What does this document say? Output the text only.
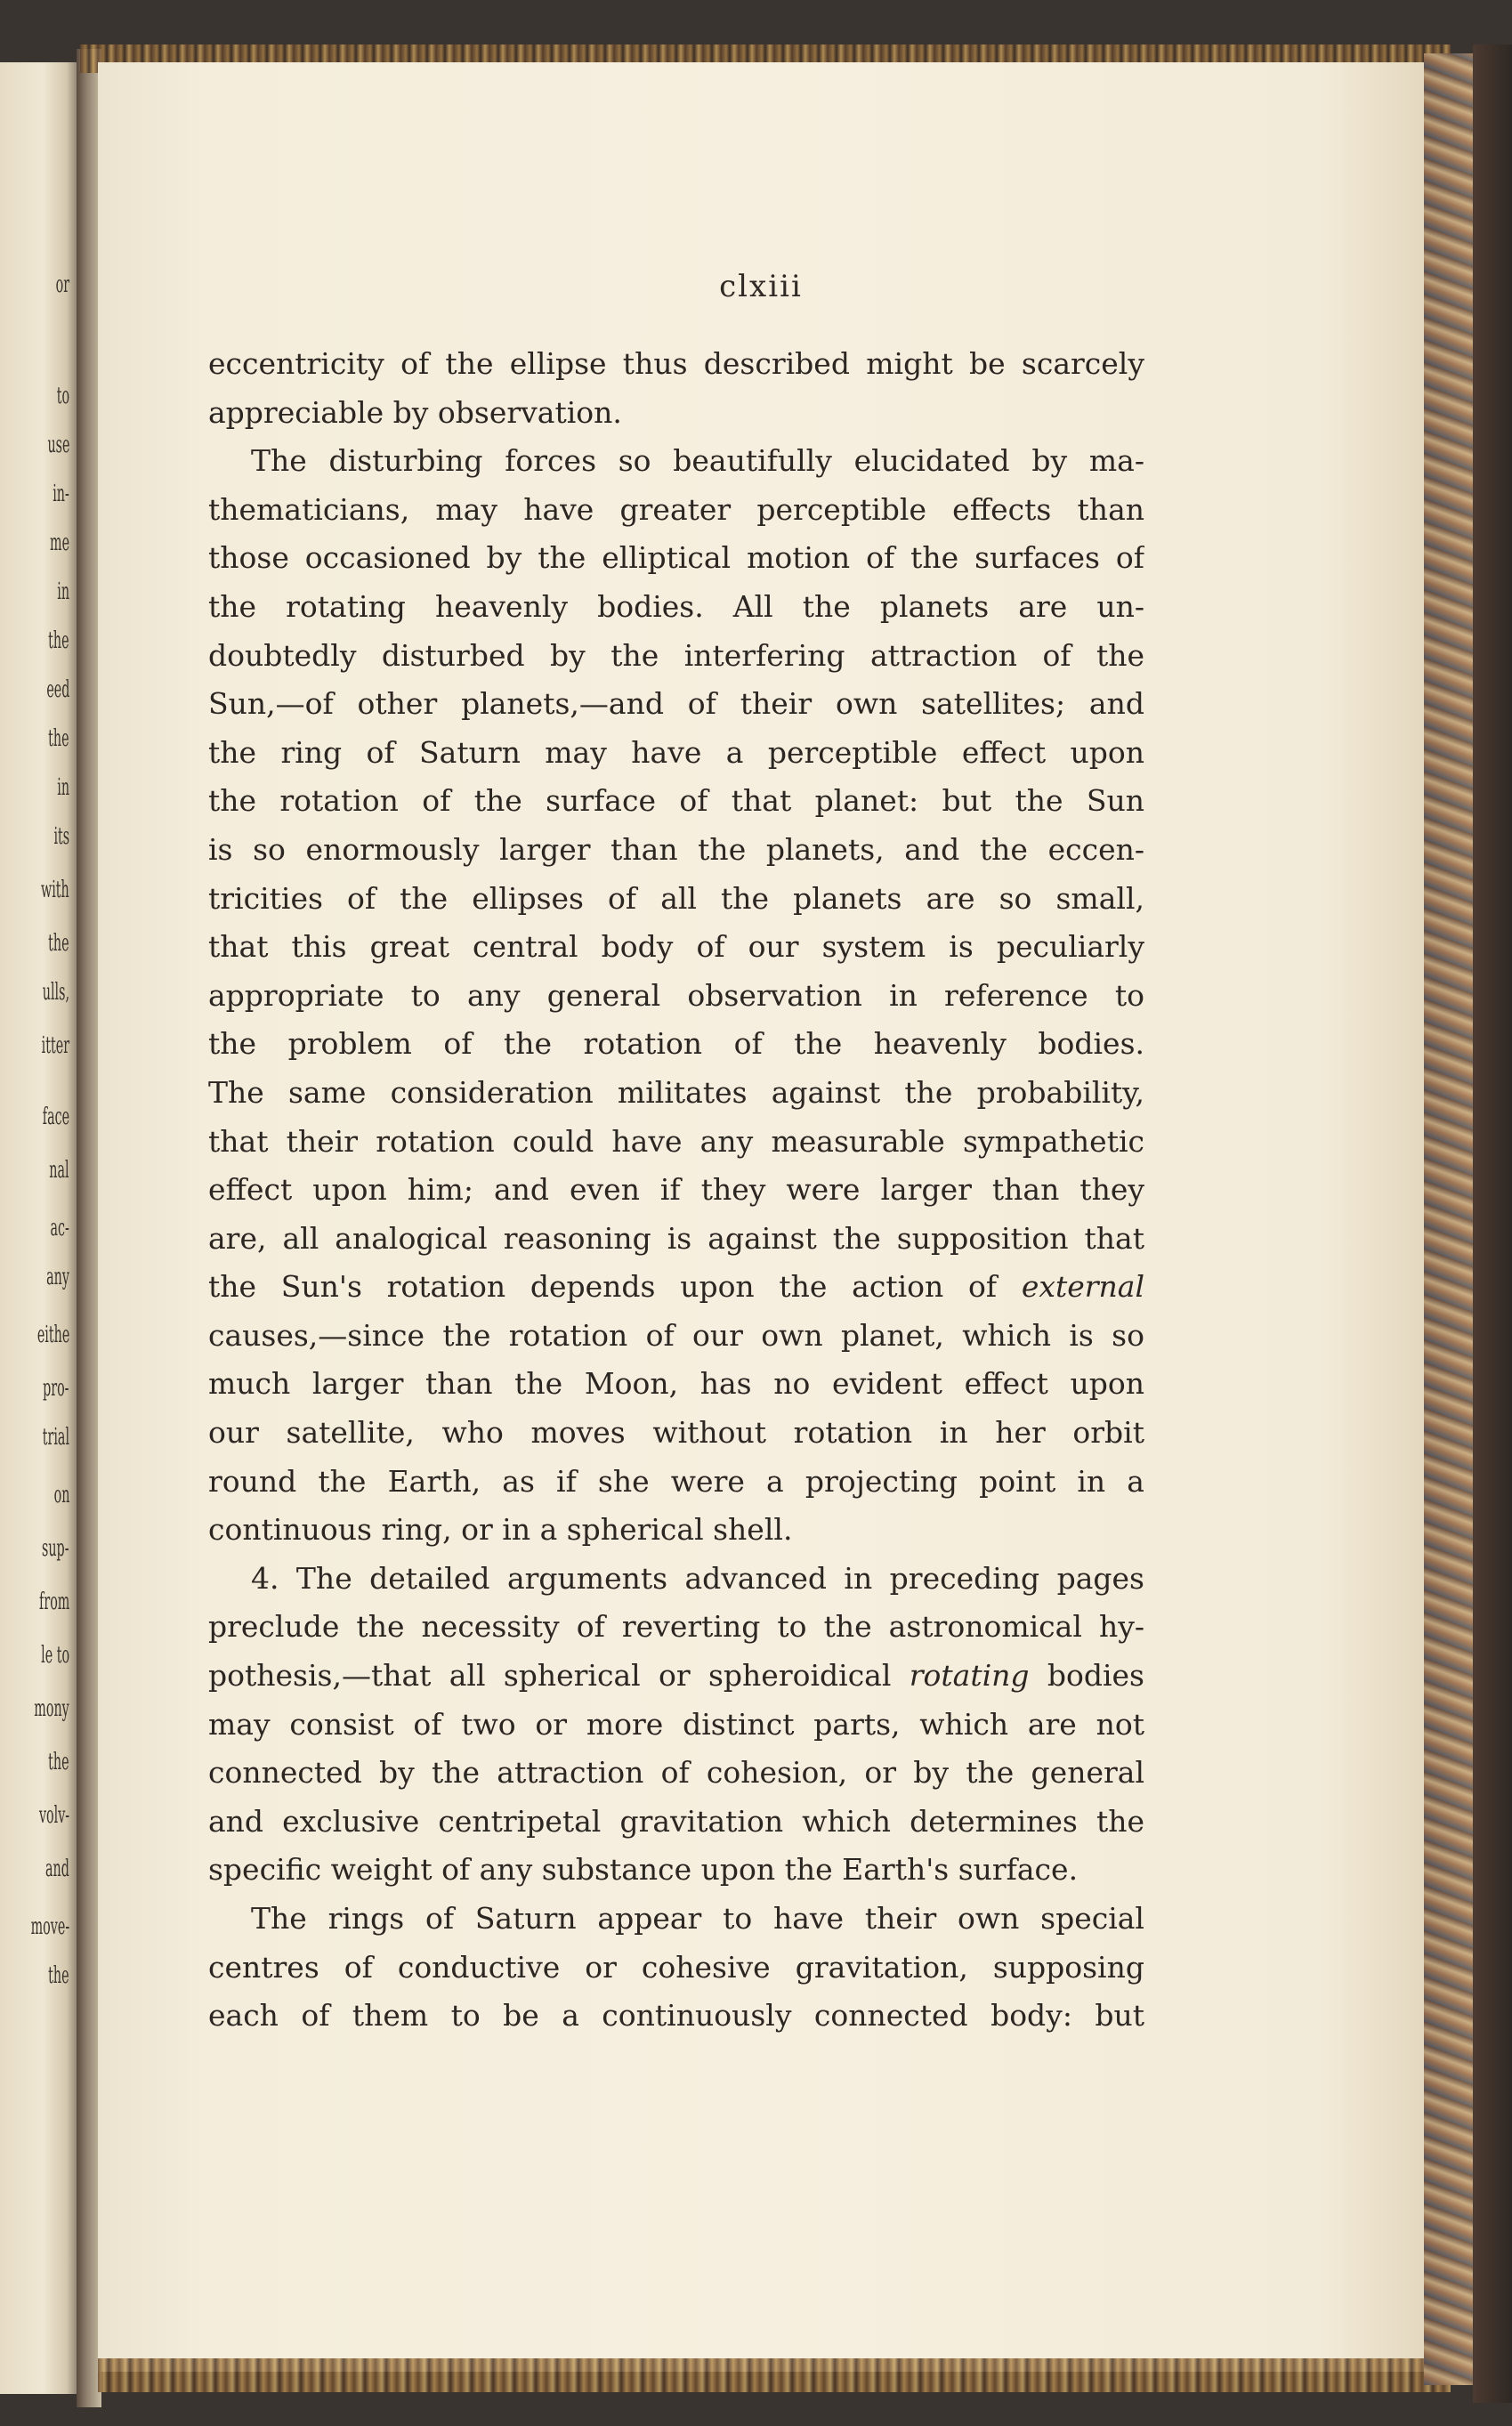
or
to
use
in-
me
in
the
eed
the
in
its
with
the
ulls,
itter
face
nal
ac-
any
eithe
pro-
trial
on
sup-
from
le to
mony
the
volv-
and
move-
the
clxiii
eccentricity of the ellipse thus described might be scarcely
appreciable by observation.
The disturbing forces so beautifully elucidated by ma-
thematicians, may have greater perceptible effects than
those occasioned by the elliptical motion of the surfaces of
the rotating heavenly bodies. All the planets are un-
doubtedly disturbed by the interfering attraction of the
Sun,—of other planets,—and of their own satellites; and
the ring of Saturn may have a perceptible effect upon
the rotation of the surface of that planet: but the Sun
is so enormously larger than the planets, and the eccen-
tricities of the ellipses of all the planets are so small,
that this great central body of our system is peculiarly
appropriate to any general observation in reference to
the problem of the rotation of the heavenly bodies.
The same consideration militates against the probability,
that their rotation could have any measurable sympathetic
effect upon him; and even if they were larger than they
are, all analogical reasoning is against the supposition that
the Sun's rotation depends upon the action of external
causes,—since the rotation of our own planet, which is so
much larger than the Moon, has no evident effect upon
our satellite, who moves without rotation in her orbit
round the Earth, as if she were a projecting point in a
continuous ring, or in a spherical shell.
4. The detailed arguments advanced in preceding pages
preclude the necessity of reverting to the astronomical hy-
pothesis,—that all spherical or spheroidical rotating bodies
may consist of two or more distinct parts, which are not
connected by the attraction of cohesion, or by the general
and exclusive centripetal gravitation which determines the
specific weight of any substance upon the Earth's surface.
The rings of Saturn appear to have their own special
centres of conductive or cohesive gravitation, supposing
each of them to be a continuously connected body: but
